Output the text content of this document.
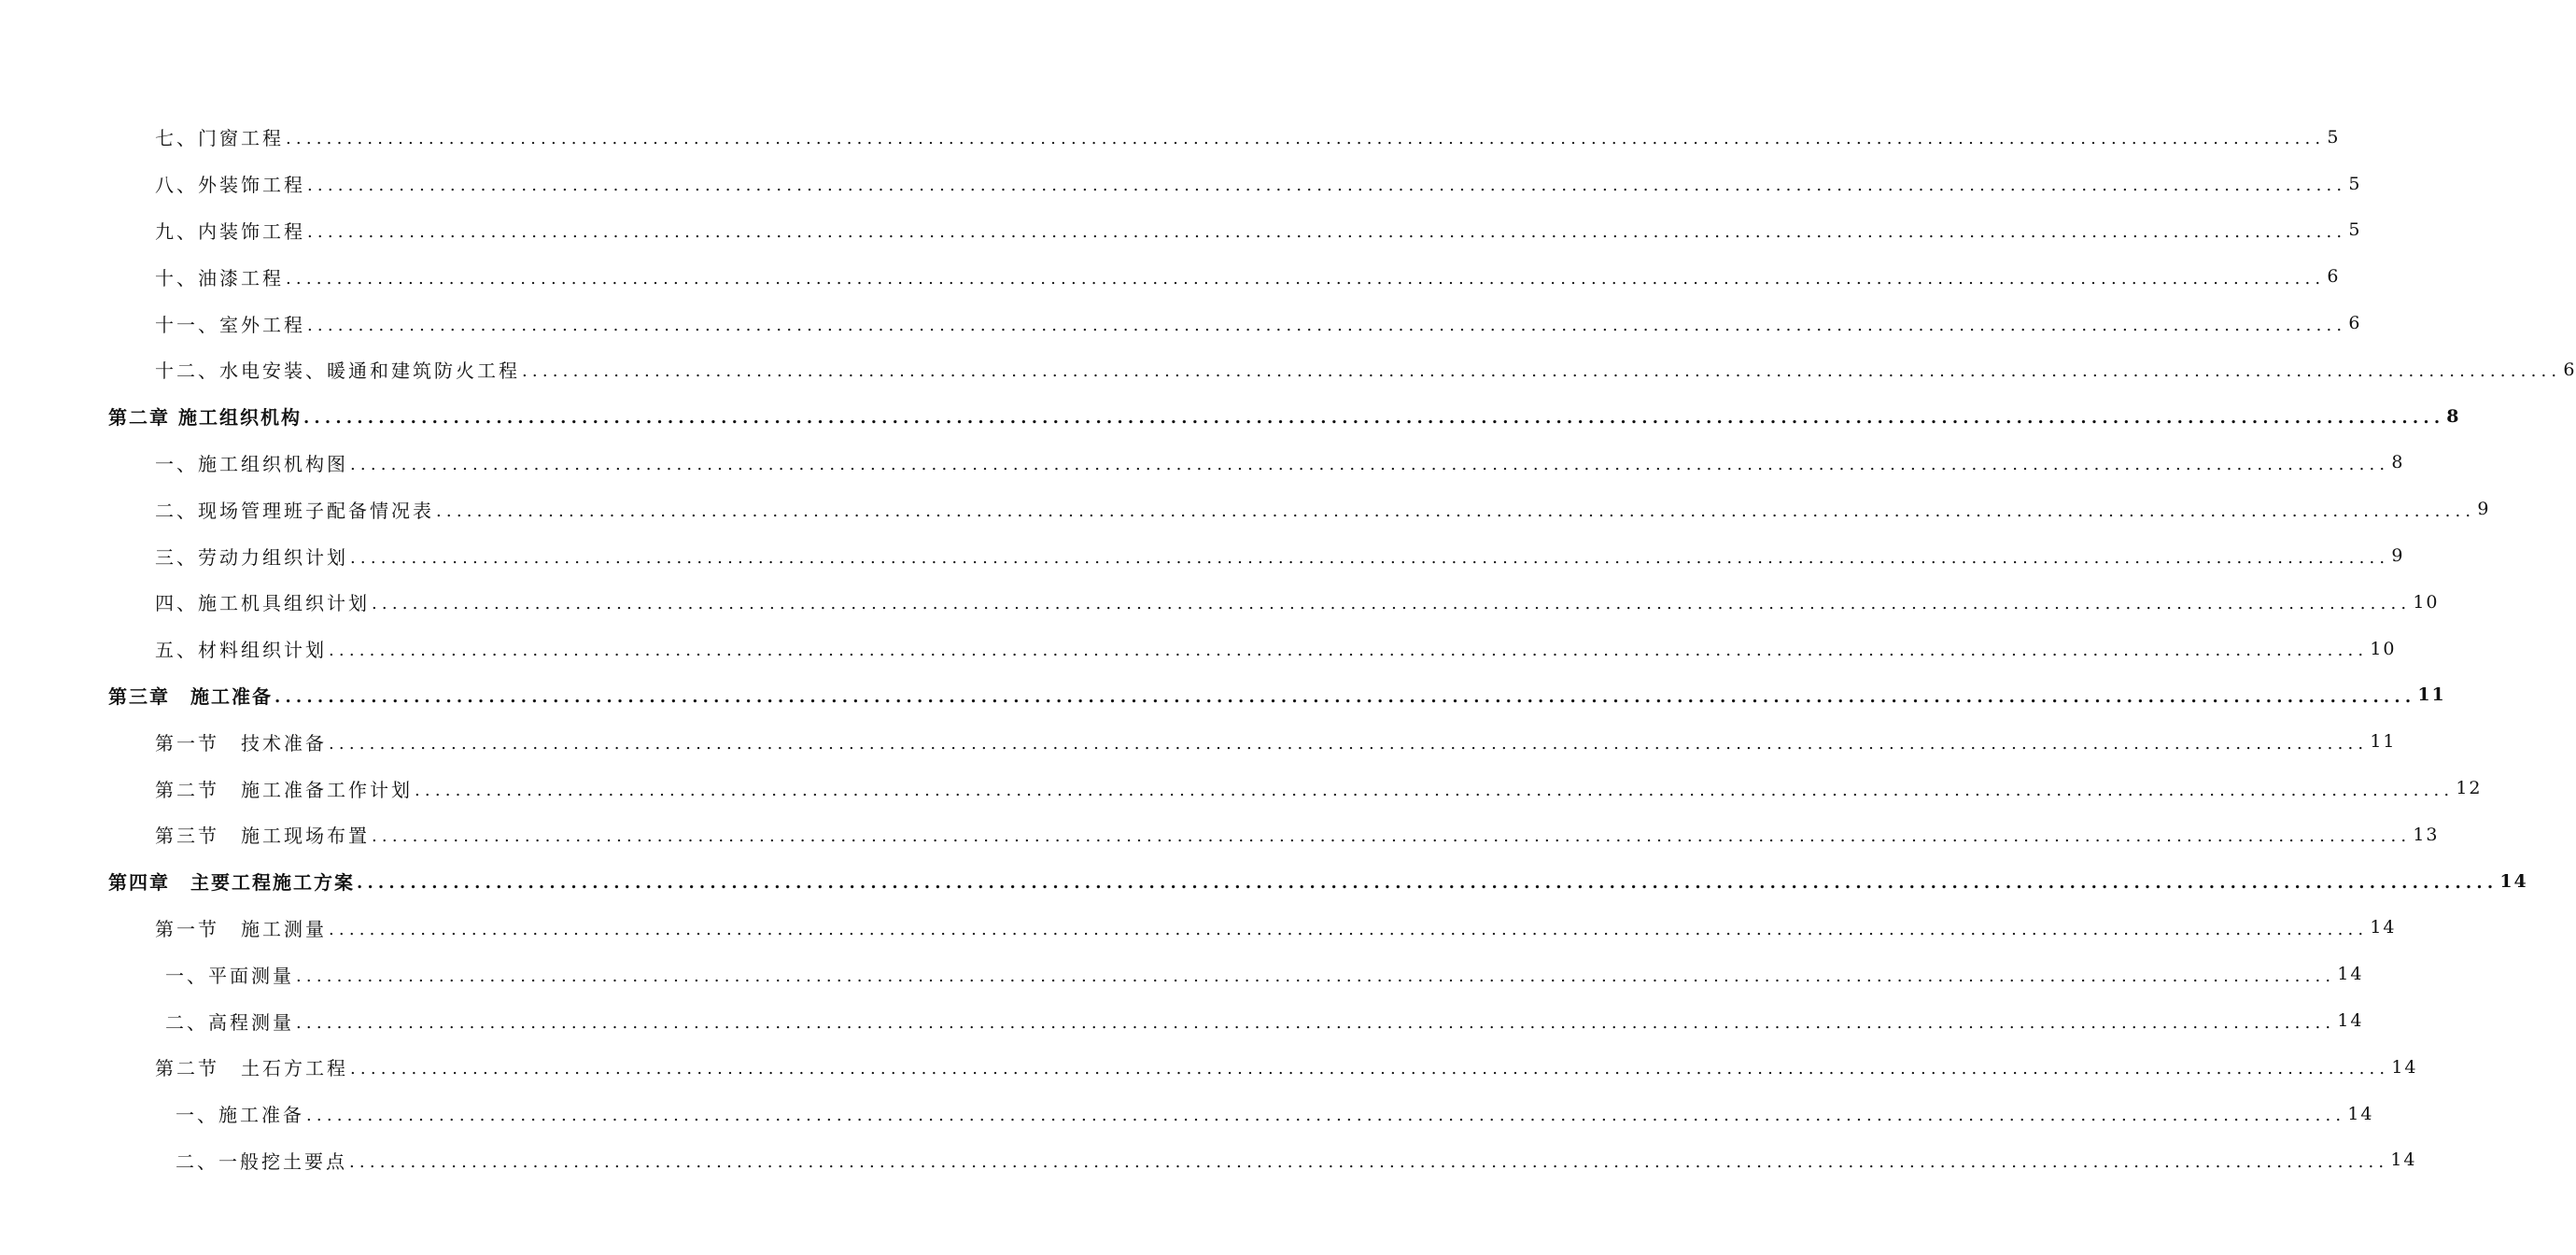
七、门窗工程 ........................................................................................................................................................................................................ 5
八、外装饰工程 ........................................................................................................................................................................................................ 5
九、内装饰工程 ........................................................................................................................................................................................................ 5
十、油漆工程 ........................................................................................................................................................................................................ 6
十一、室外工程 ........................................................................................................................................................................................................ 6
十二、水电安装、暖通和建筑防火工程 ........................................................................................................................................................................................................ 6
第二章 施工组织机构 ........................................................................................................................................................................................................ 8
一、施工组织机构图 ........................................................................................................................................................................................................ 8
二、现场管理班子配备情况表 ........................................................................................................................................................................................................ 9
三、劳动力组织计划 ........................................................................................................................................................................................................ 9
四、施工机具组织计划 ........................................................................................................................................................................................................ 10
五、材料组织计划 ........................................................................................................................................................................................................ 10
第三章　施工准备 ........................................................................................................................................................................................................ 11
第一节　技术准备 ........................................................................................................................................................................................................ 11
第二节　施工准备工作计划 ........................................................................................................................................................................................................ 12
第三节　施工现场布置 ........................................................................................................................................................................................................ 13
第四章　主要工程施工方案 ........................................................................................................................................................................................................ 14
第一节　施工测量 ........................................................................................................................................................................................................ 14
一、平面测量 ........................................................................................................................................................................................................ 14
二、高程测量 ........................................................................................................................................................................................................ 14
第二节　土石方工程 ........................................................................................................................................................................................................ 14
一、施工准备 ........................................................................................................................................................................................................ 14
二、一般挖土要点 ........................................................................................................................................................................................................ 14
